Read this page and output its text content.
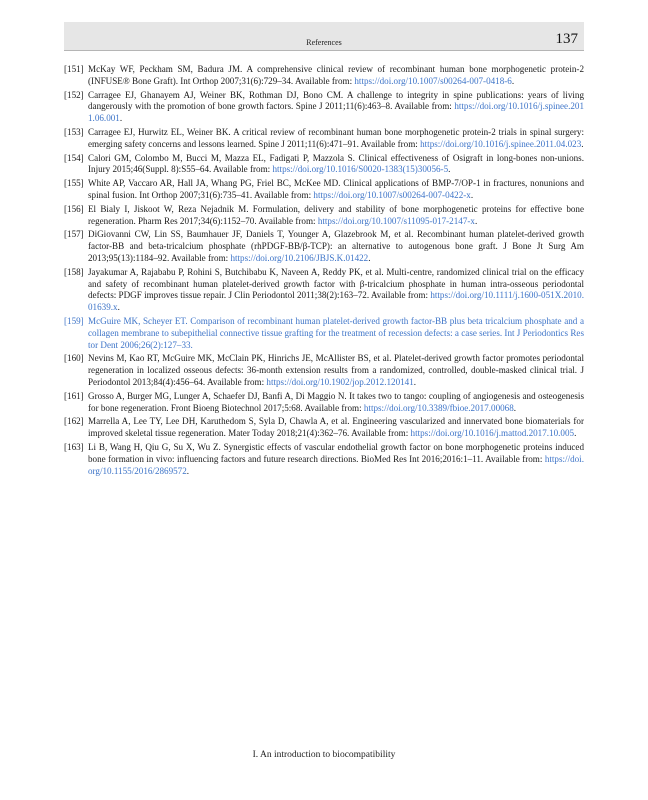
References	137
[151] McKay WF, Peckham SM, Badura JM. A comprehensive clinical review of recombinant human bone morphogenetic protein-2 (INFUSE® Bone Graft). Int Orthop 2007;31(6):729–34. Available from: https://doi.org/10.1007/s00264-007-0418-6.
[152] Carragee EJ, Ghanayem AJ, Weiner BK, Rothman DJ, Bono CM. A challenge to integrity in spine publications: years of living dangerously with the promotion of bone growth factors. Spine J 2011;11(6):463–8. Available from: https://doi.org/10.1016/j.spinee.2011.06.001.
[153] Carragee EJ, Hurwitz EL, Weiner BK. A critical review of recombinant human bone morphogenetic protein-2 trials in spinal surgery: emerging safety concerns and lessons learned. Spine J 2011;11(6):471–91. Available from: https://doi.org/10.1016/j.spinee.2011.04.023.
[154] Calori GM, Colombo M, Bucci M, Mazza EL, Fadigati P, Mazzola S. Clinical effectiveness of Osigraft in long-bones non-unions. Injury 2015;46(Suppl. 8):S55–64. Available from: https://doi.org/10.1016/S0020-1383(15)30056-5.
[155] White AP, Vaccaro AR, Hall JA, Whang PG, Friel BC, McKee MD. Clinical applications of BMP-7/OP-1 in fractures, nonunions and spinal fusion. Int Orthop 2007;31(6):735–41. Available from: https://doi.org/10.1007/s00264-007-0422-x.
[156] El Bialy I, Jiskoot W, Reza Nejadnik M. Formulation, delivery and stability of bone morphogenetic proteins for effective bone regeneration. Pharm Res 2017;34(6):1152–70. Available from: https://doi.org/10.1007/s11095-017-2147-x.
[157] DiGiovanni CW, Lin SS, Baumhauer JF, Daniels T, Younger A, Glazebrook M, et al. Recombinant human platelet-derived growth factor-BB and beta-tricalcium phosphate (rhPDGF-BB/β-TCP): an alternative to autogenous bone graft. J Bone Jt Surg Am 2013;95(13):1184–92. Available from: https://doi.org/10.2106/JBJS.K.01422.
[158] Jayakumar A, Rajababu P, Rohini S, Butchibabu K, Naveen A, Reddy PK, et al. Multi-centre, randomized clinical trial on the efficacy and safety of recombinant human platelet-derived growth factor with β-tricalcium phosphate in human intra-osseous periodontal defects: PDGF improves tissue repair. J Clin Periodontol 2011;38(2):163–72. Available from: https://doi.org/10.1111/j.1600-051X.2010.01639.x.
[159] McGuire MK, Scheyer ET. Comparison of recombinant human platelet-derived growth factor-BB plus beta tricalcium phosphate and a collagen membrane to subepithelial connective tissue grafting for the treatment of recession defects: a case series. Int J Periodontics Restor Dent 2006;26(2):127–33.
[160] Nevins M, Kao RT, McGuire MK, McClain PK, Hinrichs JE, McAllister BS, et al. Platelet-derived growth factor promotes periodontal regeneration in localized osseous defects: 36-month extension results from a randomized, controlled, double-masked clinical trial. J Periodontol 2013;84(4):456–64. Available from: https://doi.org/10.1902/jop.2012.120141.
[161] Grosso A, Burger MG, Lunger A, Schaefer DJ, Banfi A, Di Maggio N. It takes two to tango: coupling of angiogenesis and osteogenesis for bone regeneration. Front Bioeng Biotechnol 2017;5:68. Available from: https://doi.org/10.3389/fbioe.2017.00068.
[162] Marrella A, Lee TY, Lee DH, Karuthedom S, Syla D, Chawla A, et al. Engineering vascularized and innervated bone biomaterials for improved skeletal tissue regeneration. Mater Today 2018;21(4):362–76. Available from: https://doi.org/10.1016/j.mattod.2017.10.005.
[163] Li B, Wang H, Qiu G, Su X, Wu Z. Synergistic effects of vascular endothelial growth factor on bone morphogenetic proteins induced bone formation in vivo: influencing factors and future research directions. BioMed Res Int 2016;2016:1–11. Available from: https://doi.org/10.1155/2016/2869572.
I. An introduction to biocompatibility
